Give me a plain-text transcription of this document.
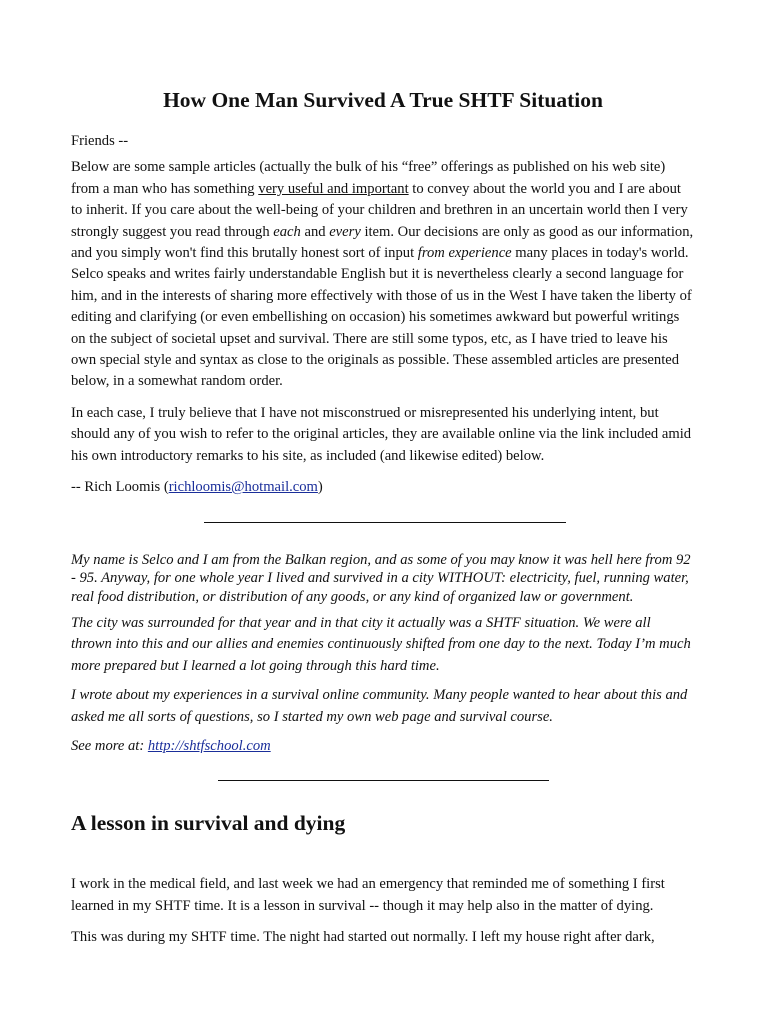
How One Man Survived A True SHTF Situation

Friends --

Below are some sample articles (actually the bulk of his “free” offerings as published on his web site) from a man who has something very useful and important to convey about the world you and I are about to inherit. If you care about the well-being of your children and brethren in an uncertain world then I very strongly suggest you read through each and every item. Our decisions are only as good as our information, and you simply won't find this brutally honest sort of input from experience many places in today's world. Selco speaks and writes fairly understandable English but it is nevertheless clearly a second language for him, and in the interests of sharing more effectively with those of us in the West I have taken the liberty of editing and clarifying (or even embellishing on occasion) his sometimes awkward but powerful writings on the subject of societal upset and survival. There are still some typos, etc, as I have tried to leave his own special style and syntax as close to the originals as possible. These assembled articles are presented below, in a somewhat random order.

In each case, I truly believe that I have not misconstrued or misrepresented his underlying intent, but should any of you wish to refer to the original articles, they are available online via the link included amid his own introductory remarks to his site, as included (and likewise edited) below.

-- Rich Loomis (richloomis@hotmail.com)

My name is Selco and I am from the Balkan region, and as some of you may know it was hell here from 92 - 95. Anyway, for one whole year I lived and survived in a city WITHOUT: electricity, fuel, running water, real food distribution, or distribution of any goods, or any kind of organized law or government.

The city was surrounded for that year and in that city it actually was a SHTF situation. We were all thrown into this and our allies and enemies continuously shifted from one day to the next. Today I’m much more prepared but I learned a lot going through this hard time.

I wrote about my experiences in a survival online community. Many people wanted to hear about this and asked me all sorts of questions, so I started my own web page and survival course.

See more at: http://shtfschool.com

A lesson in survival and dying

I work in the medical field, and last week we had an emergency that reminded me of something I first learned in my SHTF time. It is a lesson in survival -- though it may help also in the matter of dying.

This was during my SHTF time. The night had started out normally. I left my house right after dark,
